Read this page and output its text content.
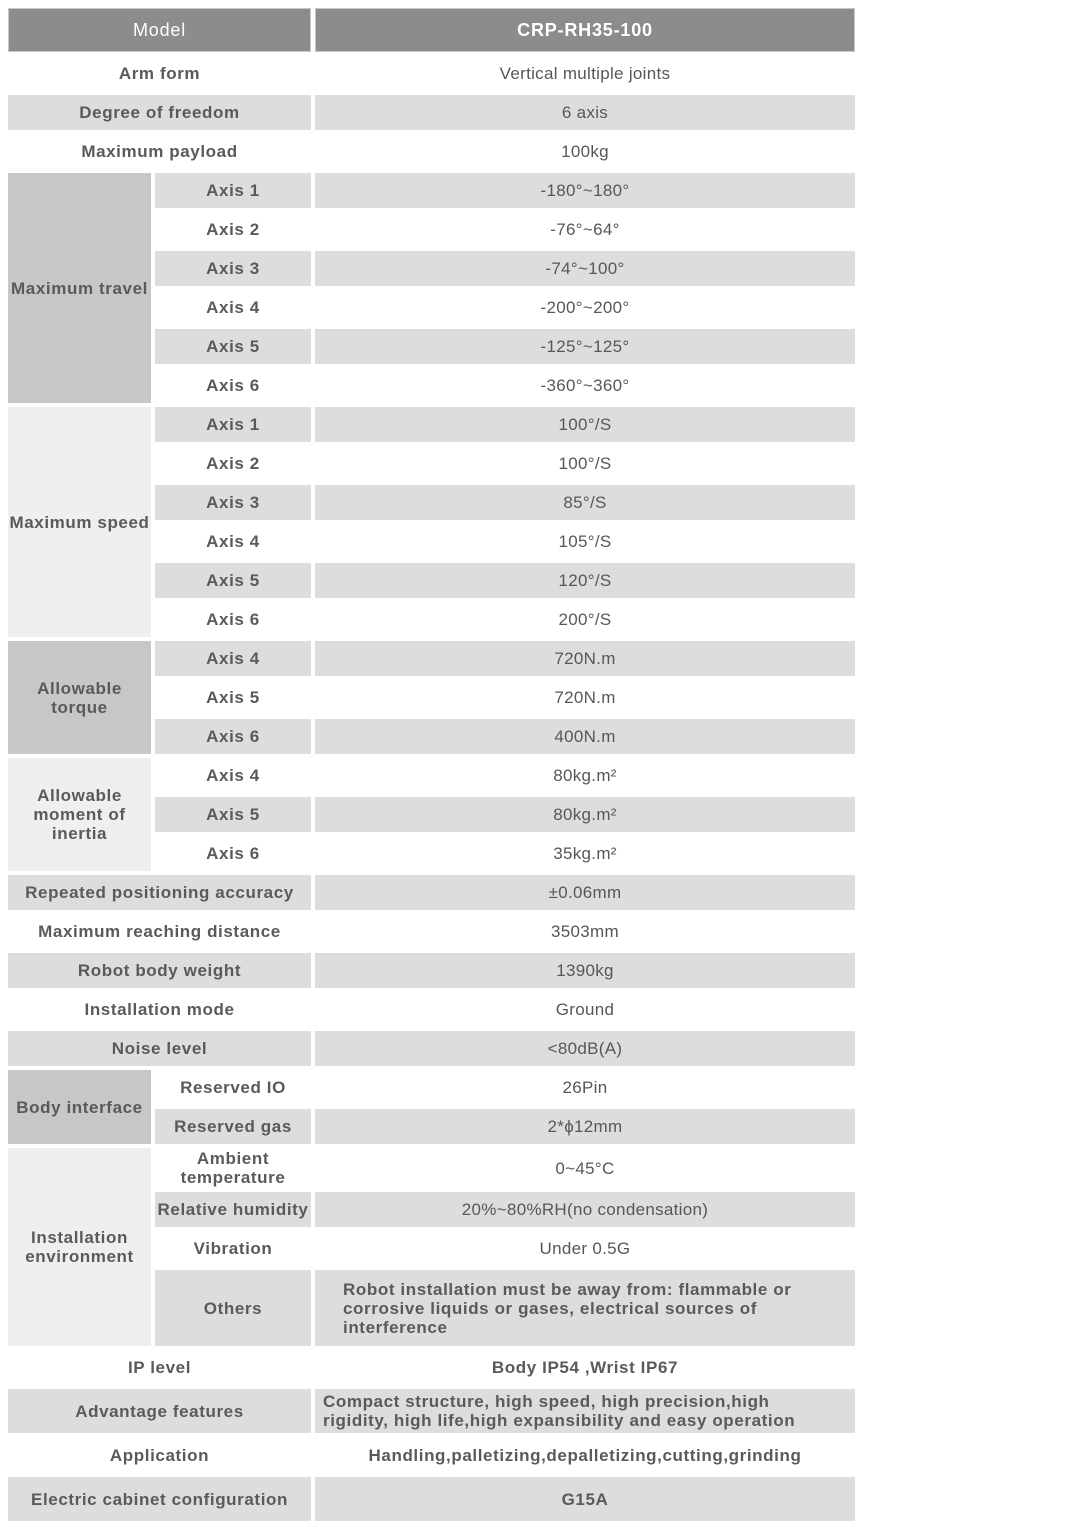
Model		CRP-RH35-100
Arm form		Vertical multiple joints
Degree of freedom		6 axis
Maximum payload		100kg
Maximum travel	Axis 1	-180°~180°
	Axis 2	-76°~64°
	Axis 3	-74°~100°
	Axis 4	-200°~200°
	Axis 5	-125°~125°
	Axis 6	-360°~360°
Maximum speed	Axis 1	100°/S
	Axis 2	100°/S
	Axis 3	85°/S
	Axis 4	105°/S
	Axis 5	120°/S
	Axis 6	200°/S
Allowable torque	Axis 4	720N.m
	Axis 5	720N.m
	Axis 6	400N.m
Allowable moment of inertia	Axis 4	80kg.m²
	Axis 5	80kg.m²
	Axis 6	35kg.m²
Repeated positioning accuracy		±0.06mm
Maximum reaching distance		3503mm
Robot body weight		1390kg
Installation mode		Ground
Noise level		<80dB(A)
Body interface	Reserved IO	26Pin
	Reserved gas	2*ϕ12mm
Installation environment	Ambient temperature	0~45°C
	Relative humidity	20%~80%RH(no condensation)
	Vibration	Under 0.5G
	Others	Robot installation must be away from: flammable or corrosive liquids or gases, electrical sources of interference
IP level		Body IP54 ,Wrist IP67
Advantage features		Compact structure, high speed, high precision,high rigidity, high life,high expansibility and easy operation
Application		Handling,palletizing,depalletizing,cutting,grinding
Electric cabinet configuration		G15A
